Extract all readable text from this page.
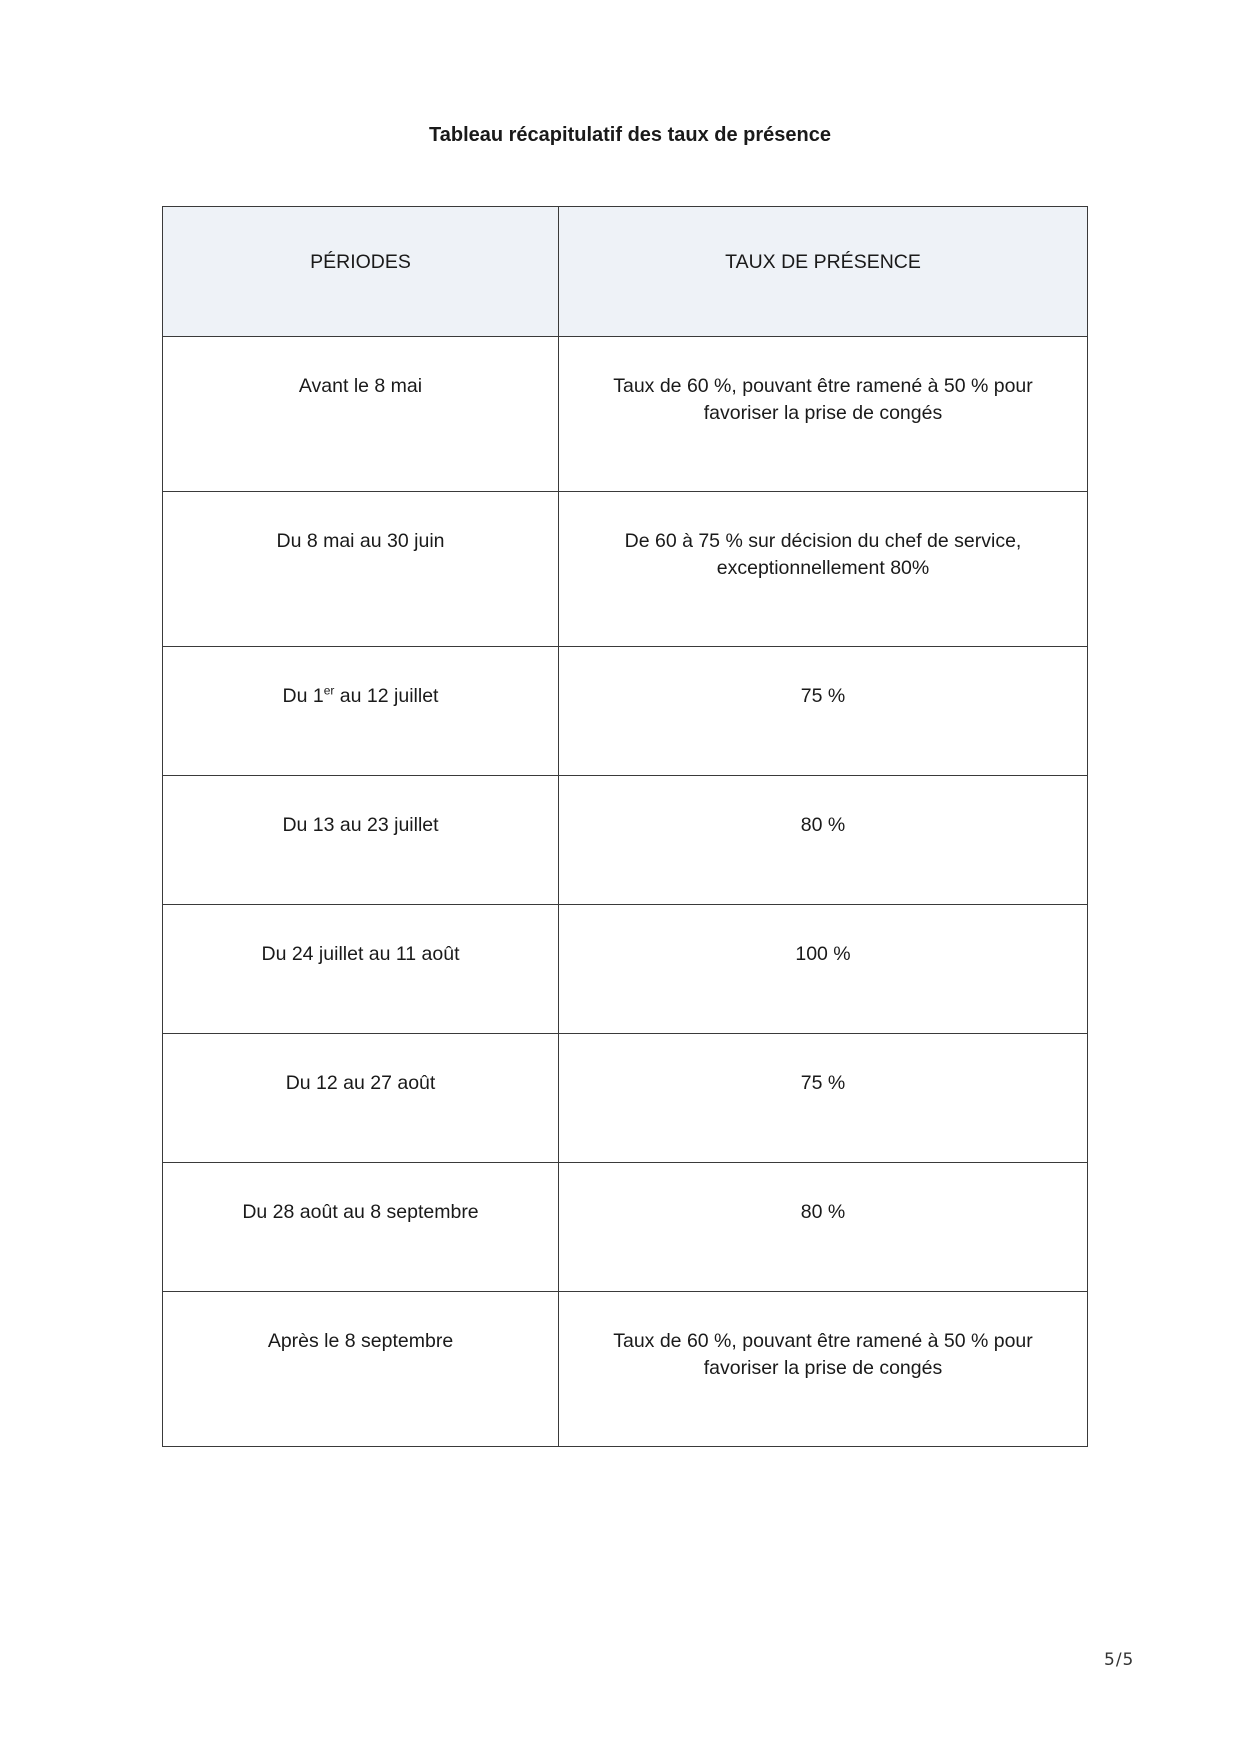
Tableau récapitulatif des taux de présence
PÉRIODES	TAUX DE PRÉSENCE
Avant le 8 mai	Taux de 60 %, pouvant être ramené à 50 % pour
favoriser la prise de congés
Du 8 mai au 30 juin	De 60 à 75 % sur décision du chef de service,
exceptionnellement 80%
Du 1er au 12 juillet	75 %
Du 13 au 23 juillet	80 %
Du 24 juillet au 11 août	100 %
Du 12 au 27 août	75 %
Du 28 août au 8 septembre	80 %
Après le 8 septembre	Taux de 60 %, pouvant être ramené à 50 % pour
favoriser la prise de congés
5/5
